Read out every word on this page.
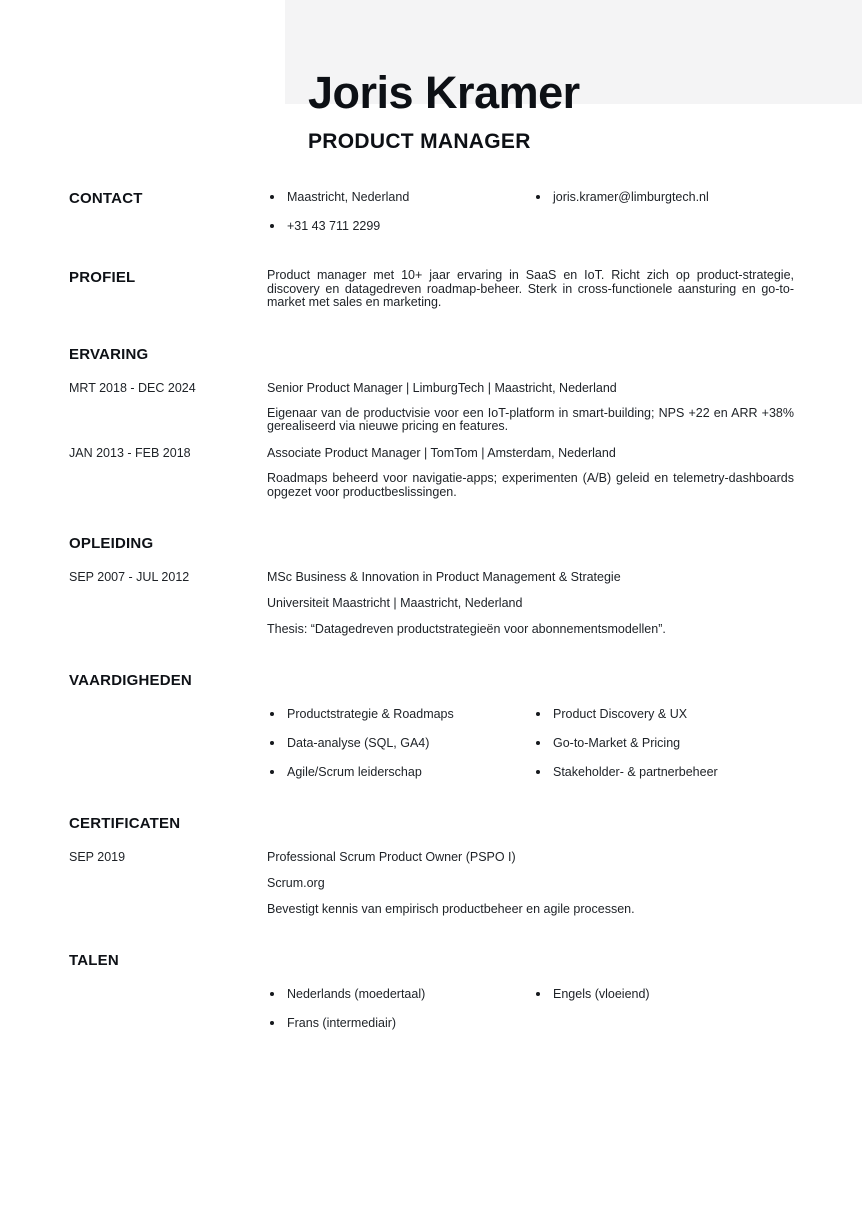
Joris Kramer
PRODUCT MANAGER
CONTACT	Maastricht, Nederland	joris.kramer@limburgtech.nl
+31 43 711 2299
PROFIEL	Product manager met 10+ jaar ervaring in SaaS en IoT. Richt zich op product-strategie, discovery en datagedreven roadmap-beheer. Sterk in cross-functionele aansturing en go-to-market met sales en marketing.

ERVARING
MRT 2018 - DEC 2024	Senior Product Manager | LimburgTech | Maastricht, Nederland

Eigenaar van de productvisie voor een IoT-platform in smart-building; NPS +22 en ARR +38% gerealiseerd via nieuwe pricing en features.

JAN 2013 - FEB 2018	Associate Product Manager | TomTom | Amsterdam, Nederland

Roadmaps beheerd voor navigatie-apps; experimenten (A/B) geleid en telemetry-dashboards opgezet voor productbeslissingen.

OPLEIDING
SEP 2007 - JUL 2012	MSc Business & Innovation in Product Management & Strategie
Universiteit Maastricht | Maastricht, Nederland
Thesis: “Datagedreven productstrategieën voor abonnementsmodellen”.
VAARDIGHEDEN
Productstrategie & Roadmaps	Product Discovery & UX
Data-analyse (SQL, GA4)	Go-to-Market & Pricing
Agile/Scrum leiderschap	Stakeholder- & partnerbeheer
CERTIFICATEN
SEP 2019	Professional Scrum Product Owner (PSPO I)
Scrum.org
Bevestigt kennis van empirisch productbeheer en agile processen.
TALEN
Nederlands (moedertaal)	Engels (vloeiend)
Frans (intermediair)
